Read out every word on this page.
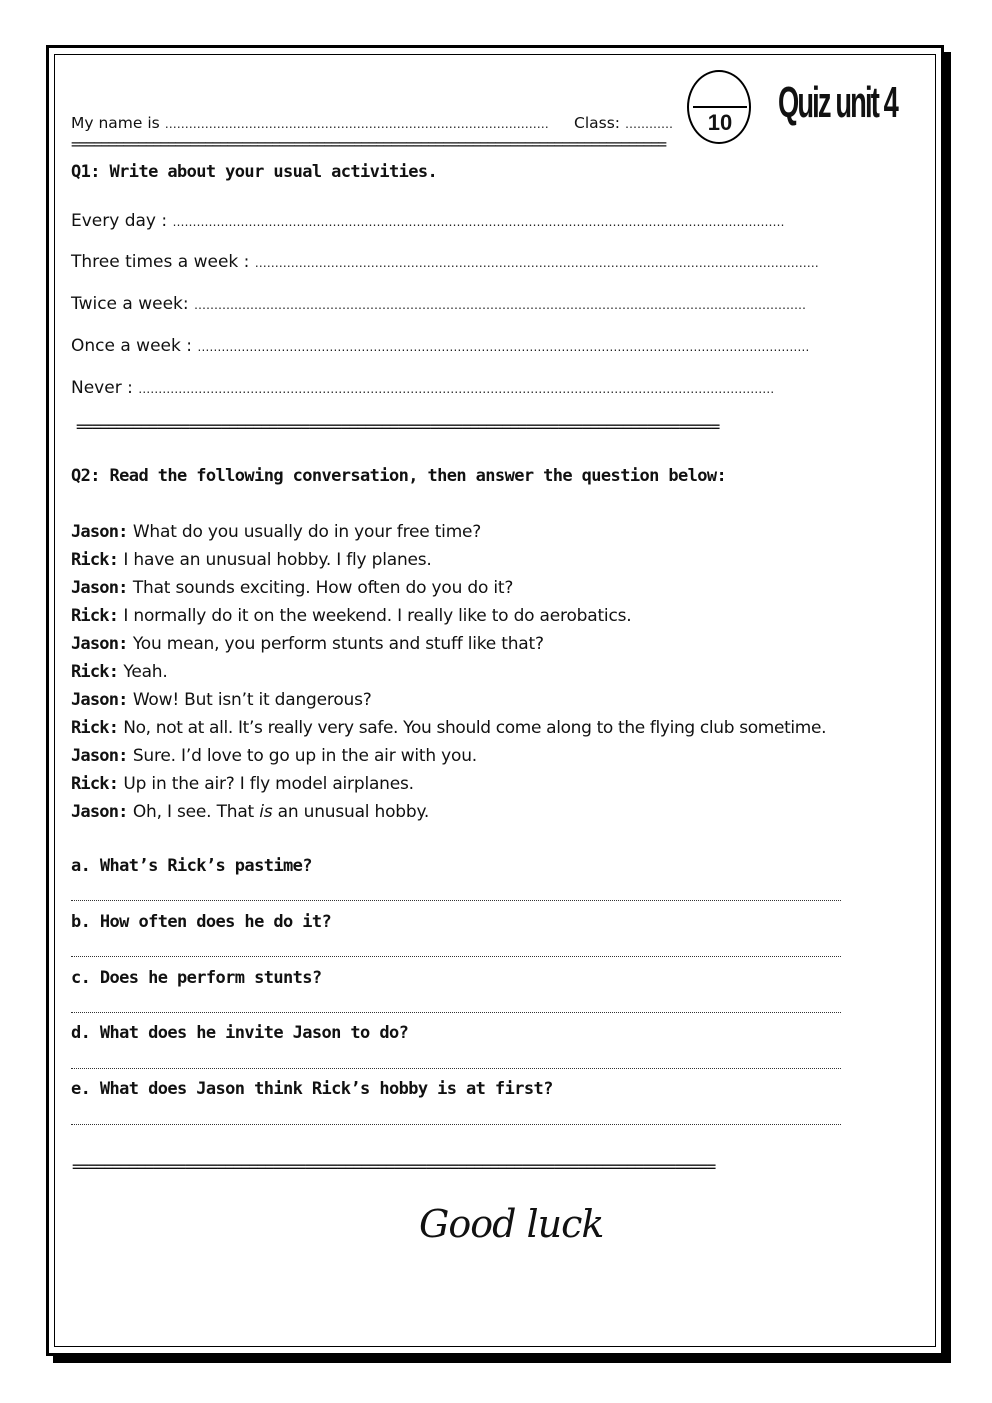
My name is …………………………………………………………………………………… Class: …………	10 Quiz unit 4
================================================================================
Q1: Write about your usual activities.
Every day : ………………………………………………………………………………………………………………………………………
Three times a week : ……………………………………………………………………………………………………………………………
Twice a week: ………………………………………………………………………………………………………………………………………
Once a week : ………………………………………………………………………………………………………………………………………
Never : ……………………………………………………………………………………………………………………………………………
================================================================================
Q2: Read the following conversation, then answer the question below:
Jason: What do you usually do in your free time?
Rick: I have an unusual hobby. I fly planes.
Jason: That sounds exciting. How often do you do it?
Rick: I normally do it on the weekend. I really like to do aerobatics.
Jason: You mean, you perform stunts and stuff like that?
Rick: Yeah.
Jason: Wow! But isn’t it dangerous?
Rick: No, not at all. It’s really very safe. You should come along to the flying club sometime.
Jason: Sure. I’d love to go up in the air with you.
Rick: Up in the air? I fly model airplanes.
Jason: Oh, I see. That is an unusual hobby.
a. What’s Rick’s pastime?
b. How often does he do it?
c. Does he perform stunts?
d. What does he invite Jason to do?
e. What does Jason think Rick’s hobby is at first?
================================================================================
Good luck
